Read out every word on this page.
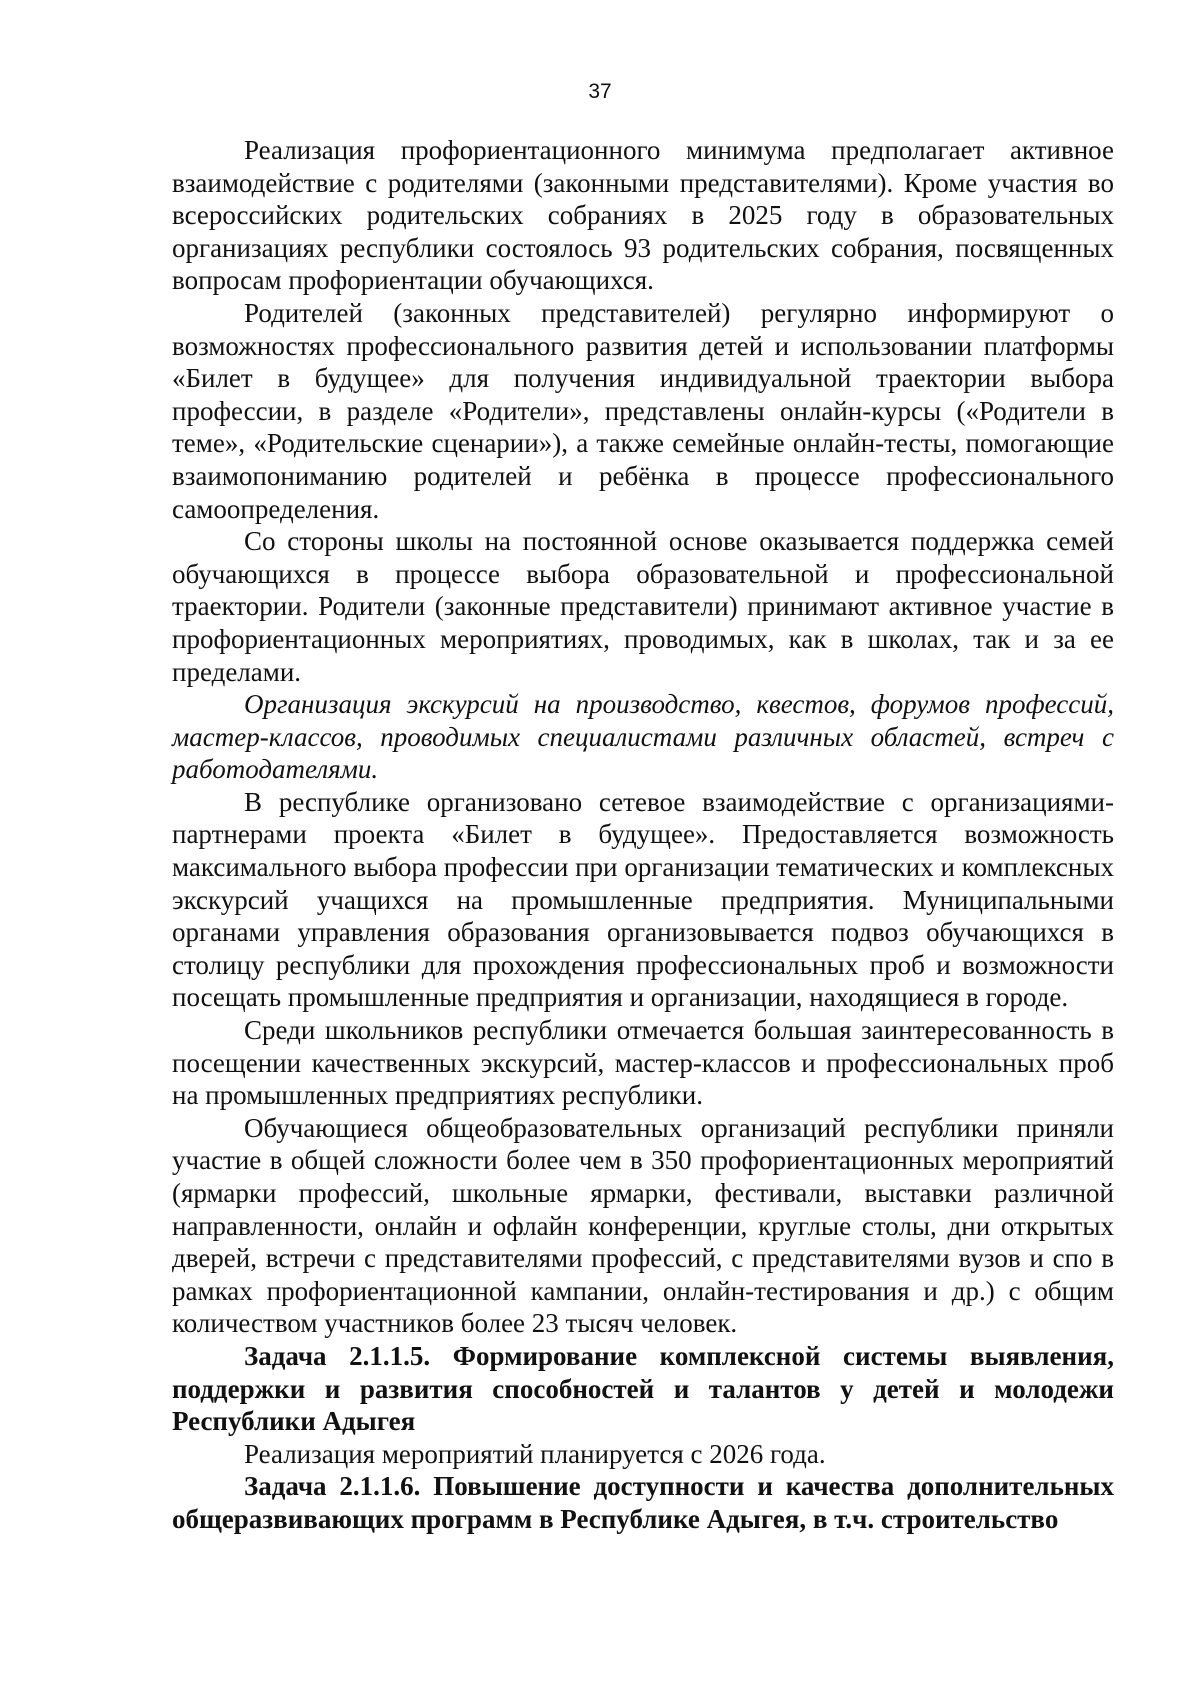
37

Реализация профориентационного минимума предполагает активное взаимодействие с родителями (законными представителями). Кроме участия во всероссийских родительских собраниях в 2025 году в образовательных организациях республики состоялось 93 родительских собрания, посвященных вопросам профориентации обучающихся.

Родителей (законных представителей) регулярно информируют о возможностях профессионального развития детей и использовании платформы «Билет в будущее» для получения индивидуальной траектории выбора профессии, в разделе «Родители», представлены онлайн-курсы («Родители в теме», «Родительские сценарии»), а также семейные онлайн-тесты, помогающие взаимопониманию родителей и ребёнка в процессе профессионального самоопределения.

Со стороны школы на постоянной основе оказывается поддержка семей обучающихся в процессе выбора образовательной и профессиональной траектории. Родители (законные представители) принимают активное участие в профориентационных мероприятиях, проводимых, как в школах, так и за ее пределами.

Организация экскурсий на производство, квестов, форумов профессий, мастер-классов, проводимых специалистами различных областей, встреч с работодателями.

В республике организовано сетевое взаимодействие с организациями-партнерами проекта «Билет в будущее». Предоставляется возможность максимального выбора профессии при организации тематических и комплексных экскурсий учащихся на промышленные предприятия. Муниципальными органами управления образования организовывается подвоз обучающихся в столицу республики для прохождения профессиональных проб и возможности посещать промышленные предприятия и организации, находящиеся в городе.

Среди школьников республики отмечается большая заинтересованность в посещении качественных экскурсий, мастер-классов и профессиональных проб на промышленных предприятиях республики.

Обучающиеся общеобразовательных организаций республики приняли участие в общей сложности более чем в 350 профориентационных мероприятий (ярмарки профессий, школьные ярмарки, фестивали, выставки различной направленности, онлайн и офлайн конференции, круглые столы, дни открытых дверей, встречи с представителями профессий, с представителями вузов и спо в рамках профориентационной кампании, онлайн-тестирования и др.) с общим количеством участников более 23 тысяч человек.

Задача 2.1.1.5. Формирование комплексной системы выявления, поддержки и развития способностей и талантов у детей и молодежи Республики Адыгея

Реализация мероприятий планируется с 2026 года.

Задача 2.1.1.6. Повышение доступности и качества дополнительных общеразвивающих программ в Республике Адыгея, в т.ч. строительство
